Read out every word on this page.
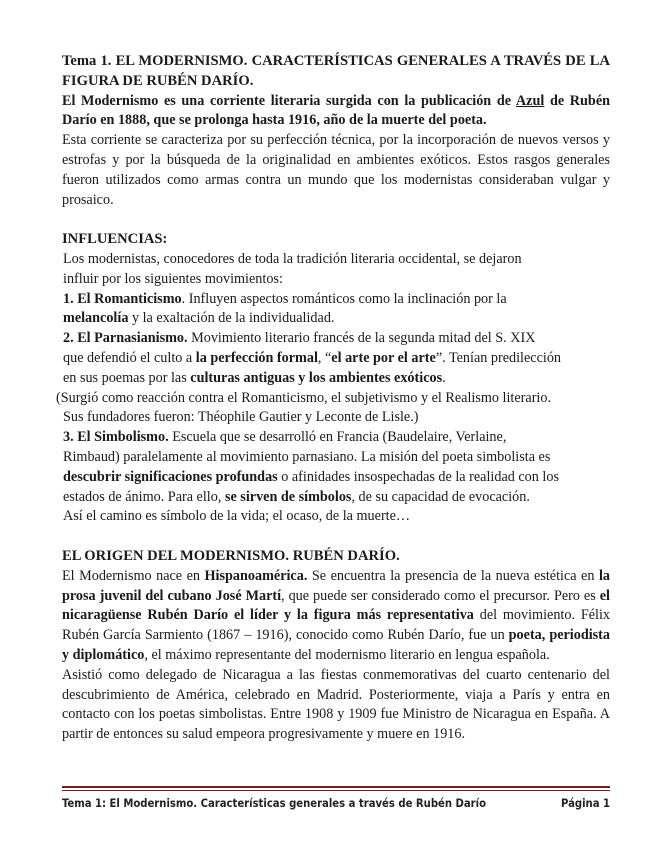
Tema 1. EL MODERNISMO. CARACTERÍSTICAS GENERALES A TRAVÉS DE LA FIGURA DE RUBÉN DARÍO.

El Modernismo es una corriente literaria surgida con la publicación de Azul de Rubén Darío en 1888, que se prolonga hasta 1916, año de la muerte del poeta.

Esta corriente se caracteriza por su perfección técnica, por la incorporación de nuevos versos y estrofas y por la búsqueda de la originalidad en ambientes exóticos. Estos rasgos generales fueron utilizados como armas contra un mundo que los modernistas consideraban vulgar y prosaico.

INFLUENCIAS:

Los modernistas, conocedores de toda la tradición literaria occidental, se dejaron

influir por los siguientes movimientos:

1. El Romanticismo. Influyen aspectos románticos como la inclinación por la

melancolía y la exaltación de la individualidad.

2. El Parnasianismo. Movimiento literario francés de la segunda mitad del S. XIX

que defendió el culto a la perfección formal, “el arte por el arte”. Tenían predilección

en sus poemas por las culturas antiguas y los ambientes exóticos.

(Surgió como reacción contra el Romanticismo, el subjetivismo y el Realismo literario.

Sus fundadores fueron: Théophile Gautier y Leconte de Lisle.)

3. El Simbolismo. Escuela que se desarrolló en Francia (Baudelaire, Verlaine,

Rimbaud) paralelamente al movimiento parnasiano. La misión del poeta simbolista es

descubrir significaciones profundas o afinidades insospechadas de la realidad con los

estados de ánimo. Para ello, se sirven de símbolos, de su capacidad de evocación.

Así el camino es símbolo de la vida; el ocaso, de la muerte…

EL ORIGEN DEL MODERNISMO. RUBÉN DARÍO.

El Modernismo nace en Hispanoamérica. Se encuentra la presencia de la nueva estética en la prosa juvenil del cubano José Martí, que puede ser considerado como el precursor. Pero es el nicaragüense Rubén Darío el líder y la figura más representativa del movimiento. Félix Rubén García Sarmiento (1867 – 1916), conocido como Rubén Darío, fue un poeta, periodista y diplomático, el máximo representante del modernismo literario en lengua española.

Asistió como delegado de Nicaragua a las fiestas conmemorativas del cuarto centenario del descubrimiento de América, celebrado en Madrid. Posteriormente, viaja a París y entra en contacto con los poetas simbolistas. Entre 1908 y 1909 fue Ministro de Nicaragua en España. A partir de entonces su salud empeora progresivamente y muere en 1916.

Tema 1: El Modernismo. Características generales a través de Rubén Darío	Página 1
